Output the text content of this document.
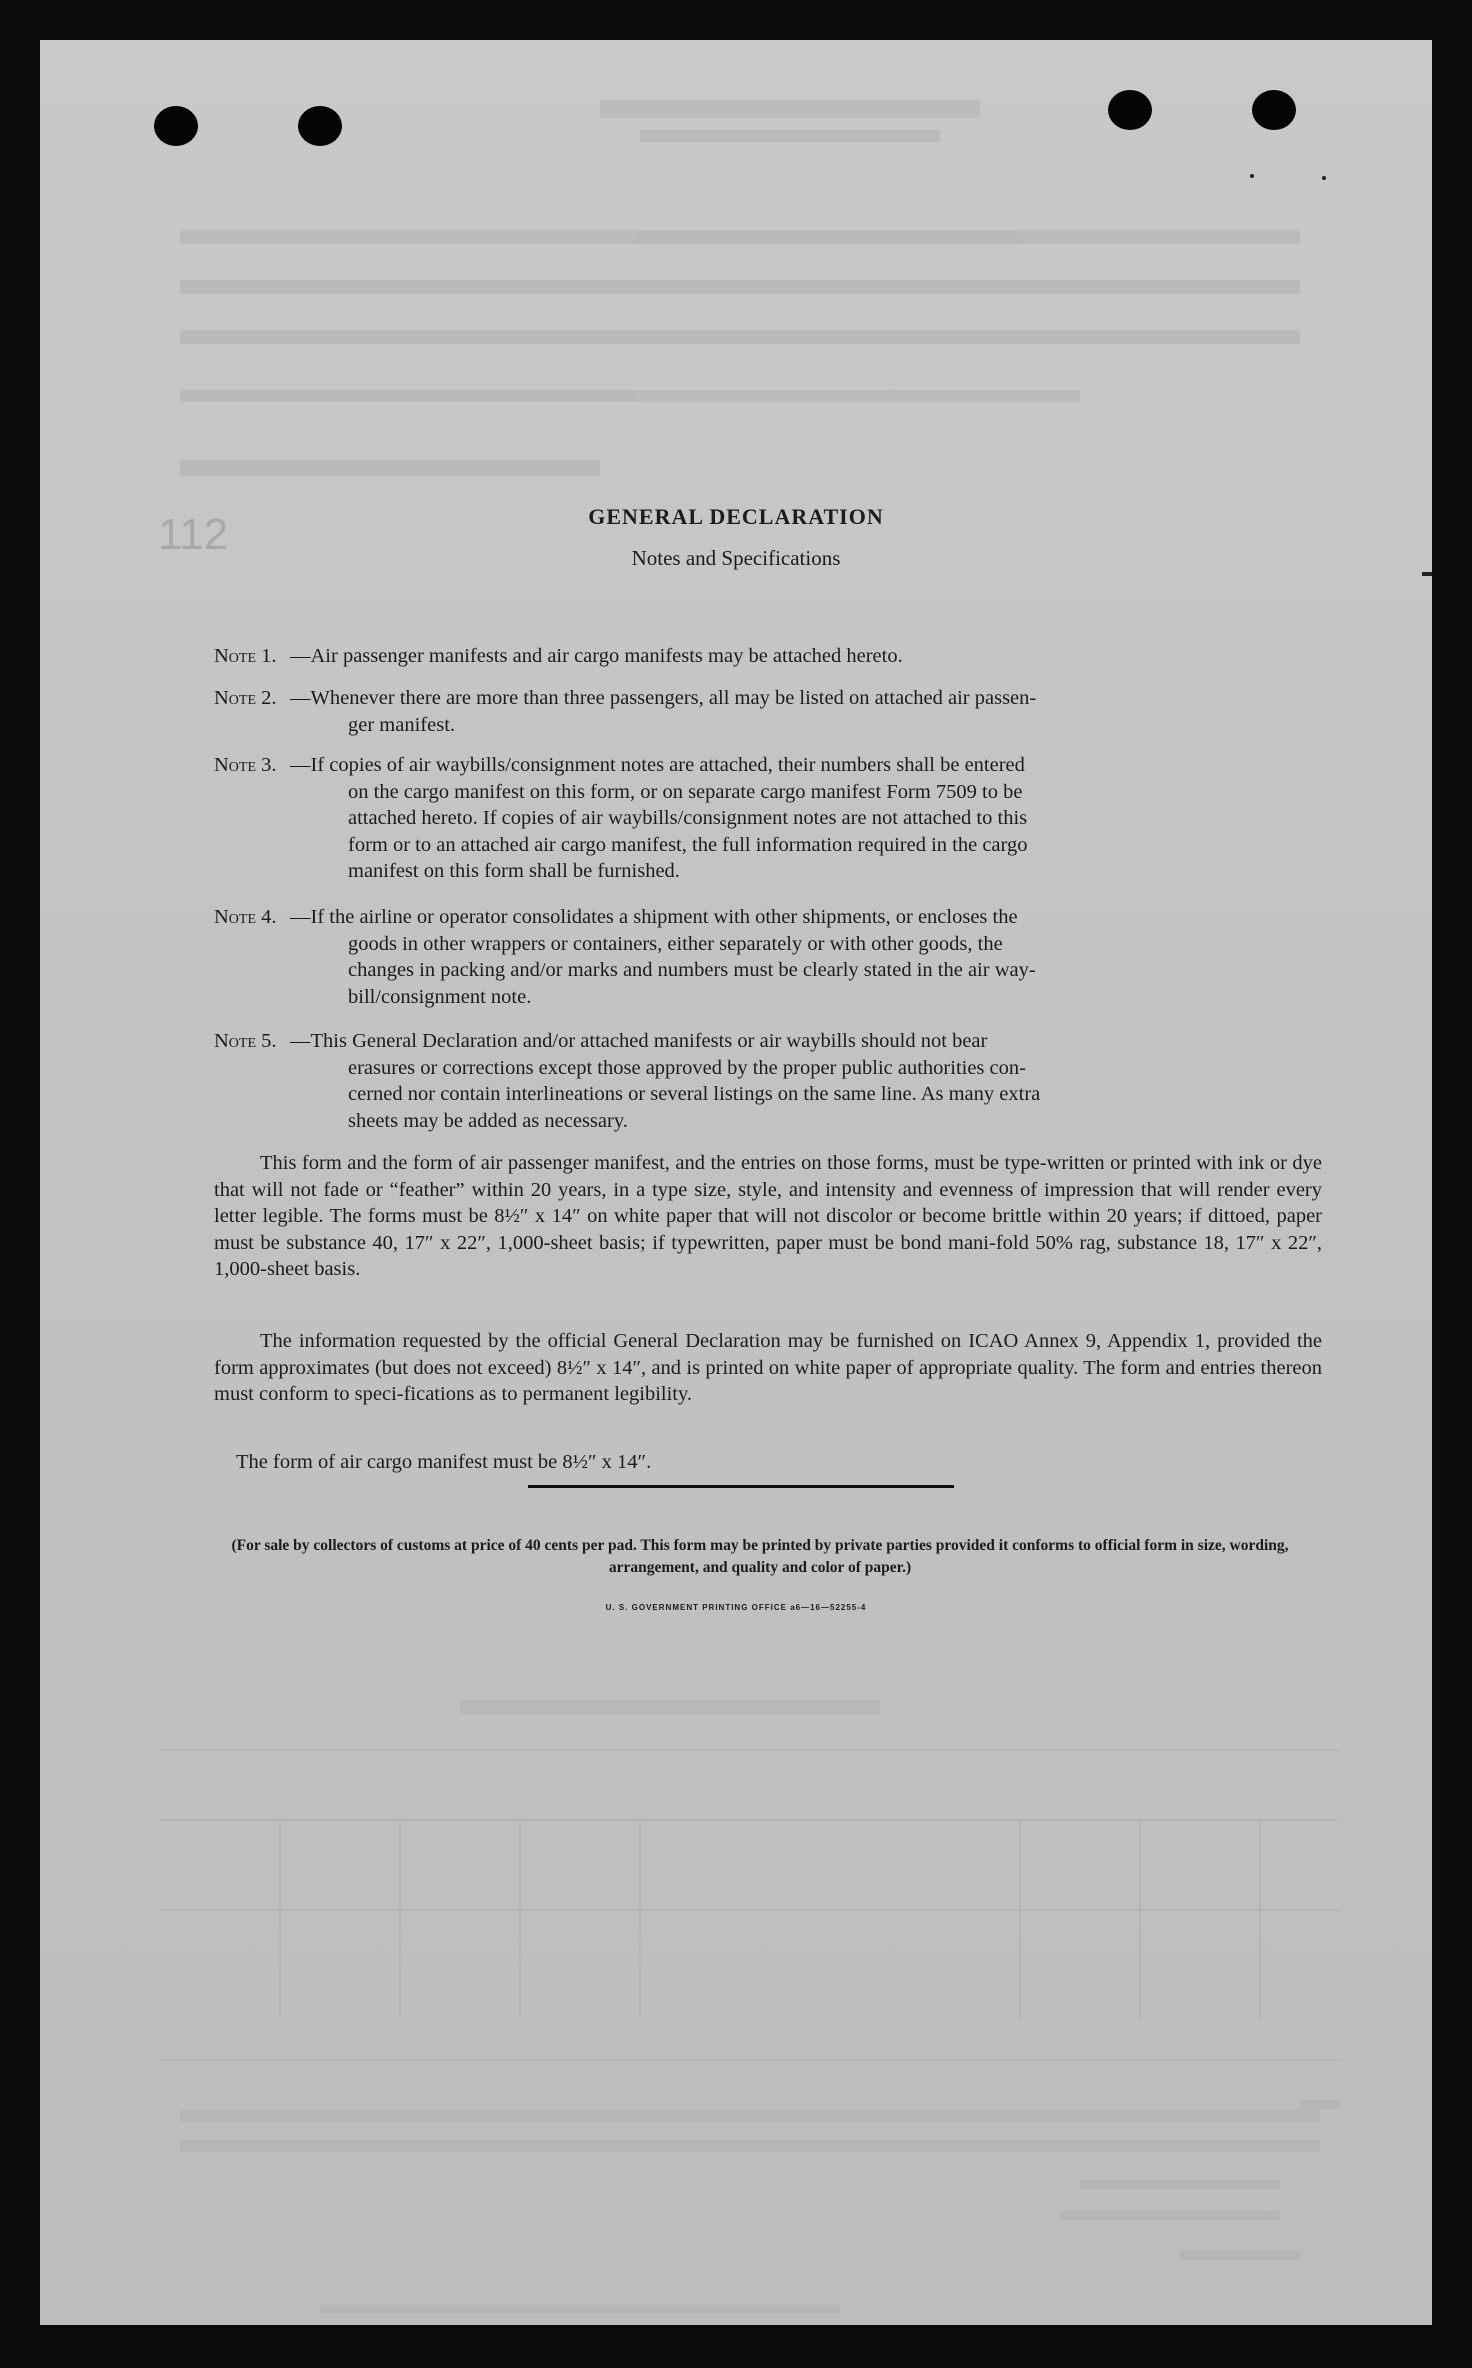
112	GENERAL DECLARATION
Notes and Specifications
Note 1. —Air passenger manifests and air cargo manifests may be attached hereto.
Note 2. —Whenever there are more than three passengers, all may be listed on attached air passen-
ger manifest.
Note 3. —If copies of air waybills/consignment notes are attached, their numbers shall be entered
on the cargo manifest on this form, or on separate cargo manifest Form 7509 to be
attached hereto. If copies of air waybills/consignment notes are not attached to this
form or to an attached air cargo manifest, the full information required in the cargo
manifest on this form shall be furnished.
Note 4. —If the airline or operator consolidates a shipment with other shipments, or encloses the
goods in other wrappers or containers, either separately or with other goods, the
changes in packing and/or marks and numbers must be clearly stated in the air way-
bill/consignment note.
Note 5. —This General Declaration and/or attached manifests or air waybills should not bear
erasures or corrections except those approved by the proper public authorities con-
cerned nor contain interlineations or several listings on the same line. As many extra
sheets may be added as necessary.
This form and the form of air passenger manifest, and the entries on those forms, must be type-written or printed with ink or dye that will not fade or “feather” within 20 years, in a type size, style, and intensity and evenness of impression that will render every letter legible. The forms must be 8½″ x 14″ on white paper that will not discolor or become brittle within 20 years; if dittoed, paper must be substance 40, 17″ x 22″, 1,000-sheet basis; if typewritten, paper must be bond mani-fold 50% rag, substance 18, 17″ x 22″, 1,000-sheet basis.
The information requested by the official General Declaration may be furnished on ICAO Annex 9, Appendix 1, provided the form approximates (but does not exceed) 8½″ x 14″, and is printed on white paper of appropriate quality. The form and entries thereon must conform to speci-fications as to permanent legibility.
The form of air cargo manifest must be 8½″ x 14″.
(For sale by collectors of customs at price of 40 cents per pad. This form may be printed by private parties provided it conforms to official form in size, wording, arrangement, and quality and color of paper.)
U. S. GOVERNMENT PRINTING OFFICE a6—16—52255-4
